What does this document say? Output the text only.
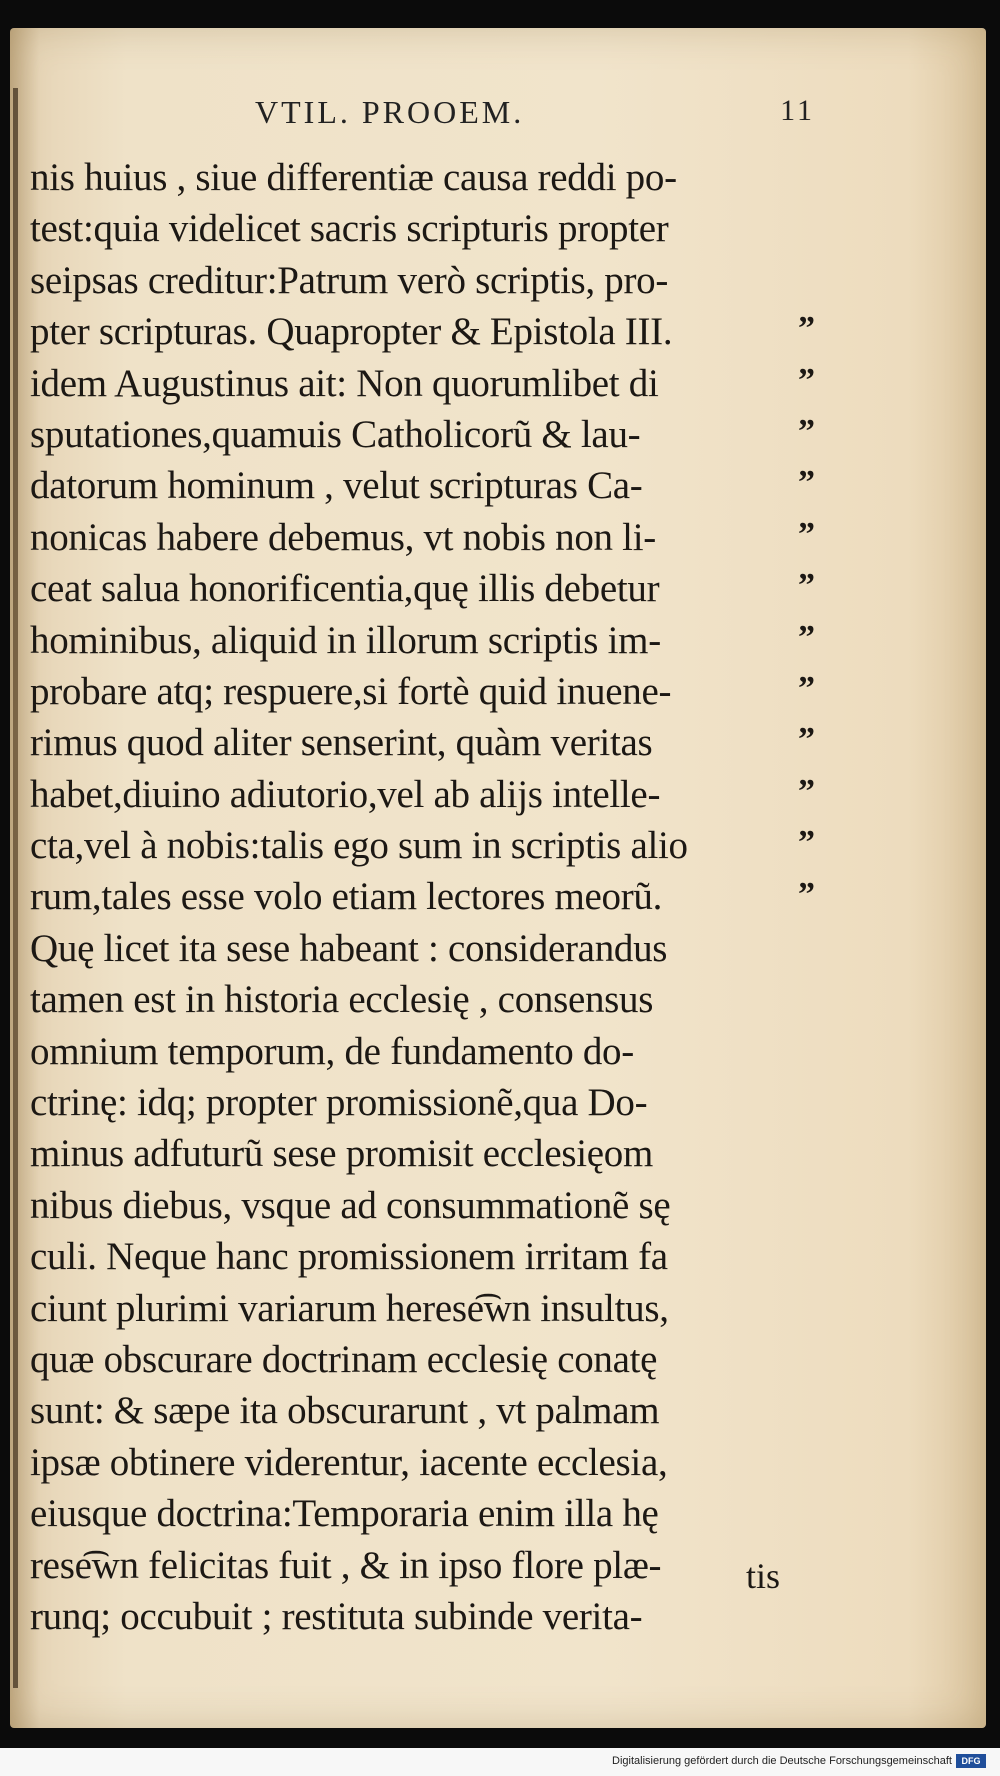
VTIL. PROOEM.	11
nis huius , siue differentiæ causa reddi po-
test:quia videlicet sacris scripturis propter
seipsas creditur:Patrum verò scriptis, pro-
pter scripturas. Quapropter & Epistola III.
idem Augustinus ait: Non quorumlibet di
sputationes,quamuis Catholicorũ & lau-
datorum hominum , velut scripturas Ca-
nonicas habere debemus, vt nobis non li-
ceat salua honorificentia,quę illis debetur
hominibus, aliquid in illorum scriptis im-
probare atq; respuere,si fortè quid inuene-
rimus quod aliter senserint, quàm veritas
habet,diuino adiutorio,vel ab alijs intelle-
cta,vel à nobis:talis ego sum in scriptis alio
rum,tales esse volo etiam lectores meorũ.
Quę licet ita sese habeant : considerandus
tamen est in historia ecclesię , consensus
omnium temporum, de fundamento do-
ctrinę: idq; propter promissionẽ,qua Do-
minus adfuturũ sese promisit ecclesięom
nibus diebus, vsque ad consummationẽ sę
culi. Neque hanc promissionem irritam fa
ciunt plurimi variarum herese͡wn insultus,
quæ obscurare doctrinam ecclesię conatę
sunt: & sæpe ita obscurarunt , vt palmam
ipsæ obtinere viderentur, iacente ecclesia,
eiusque doctrina:Temporaria enim illa hę
rese͡wn felicitas fuit , & in ipso flore plæ-
runq; occubuit ; restituta subinde verita-
”
”
”
”
”
”
”
”
”
”
”
”
tis
Digitalisierung gefördert durch die Deutsche Forschungsgemeinschaft	DFG
